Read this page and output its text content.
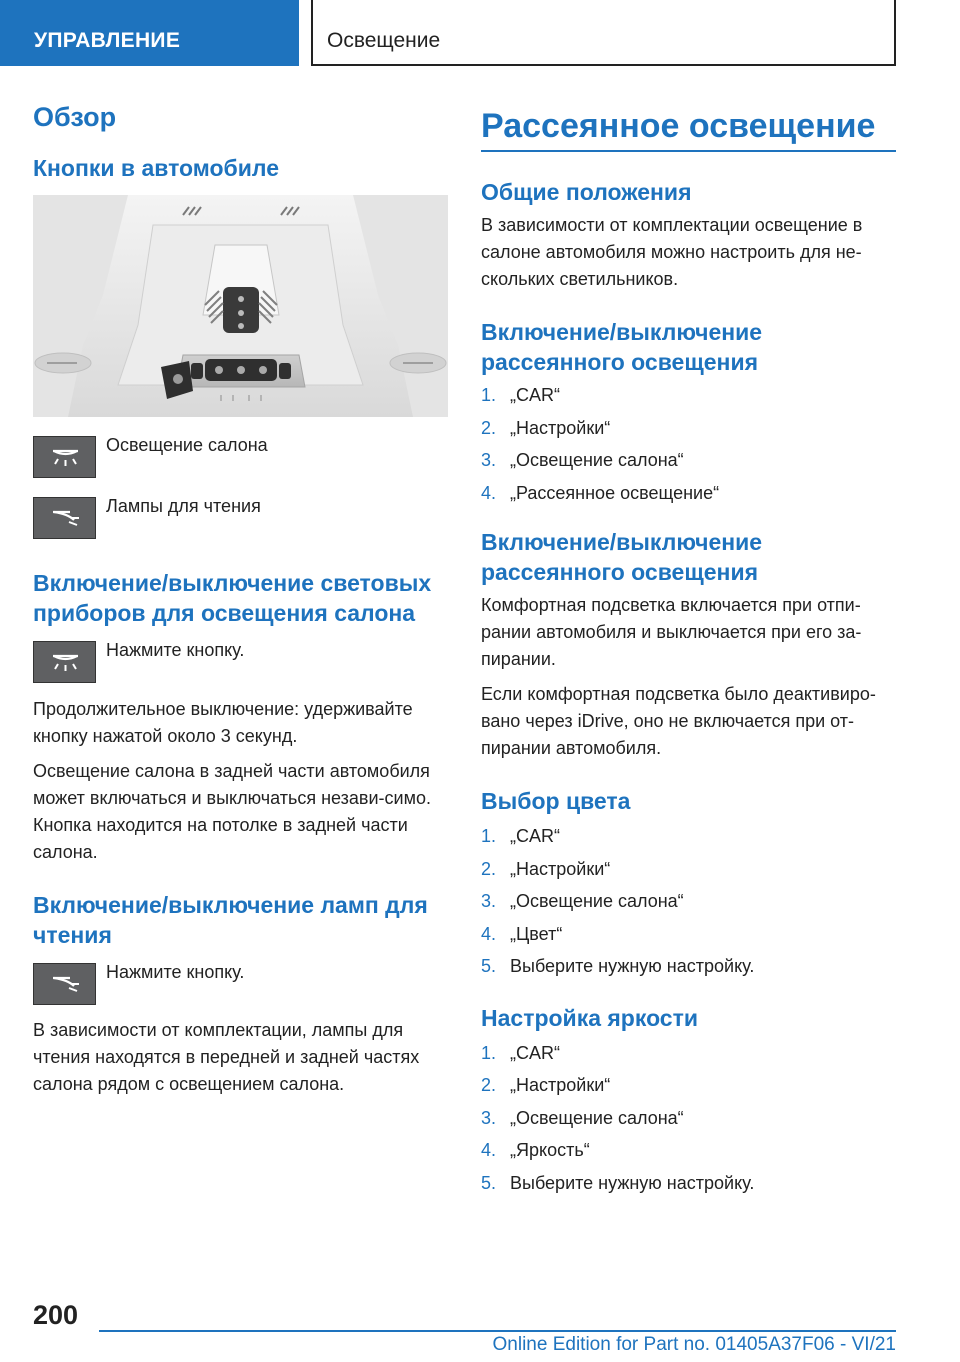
УПРАВЛЕНИЕ	Освещение
Обзор
Кнопки в автомобиле
Освещение салона
Лампы для чтения
Включение/выключение световых приборов для освещения салона
Нажмите кнопку.
Продолжительное выключение: удерживайте кнопку нажатой около 3 секунд.
Освещение салона в задней части автомобиля может включаться и выключаться незави-симо. Кнопка находится на потолке в задней части салона.
Включение/выключение ламп для чтения
Нажмите кнопку.
В зависимости от комплектации, лампы для чтения находятся в передней и задней частях салона рядом с освещением салона.
Рассеянное освещение
Общие положения
В зависимости от комплектации освещение в салоне автомобиля можно настроить для не-скольких светильников.
Включение/выключение рассеянного освещения
1. „CAR“
2. „Настройки“
3. „Освещение салона“
4. „Рассеянное освещение“
Включение/выключение рассеянного освещения
Комфортная подсветка включается при отпи-рании автомобиля и выключается при его за-пирании.
Если комфортная подсветка было деактивиро-вано через iDrive, оно не включается при от-пирании автомобиля.
Выбор цвета
1. „CAR“
2. „Настройки“
3. „Освещение салона“
4. „Цвет“
5. Выберите нужную настройку.
Настройка яркости
1. „CAR“
2. „Настройки“
3. „Освещение салона“
4. „Яркость“
5. Выберите нужную настройку.
200
Online Edition for Part no. 01405A37F06 - VI/21
